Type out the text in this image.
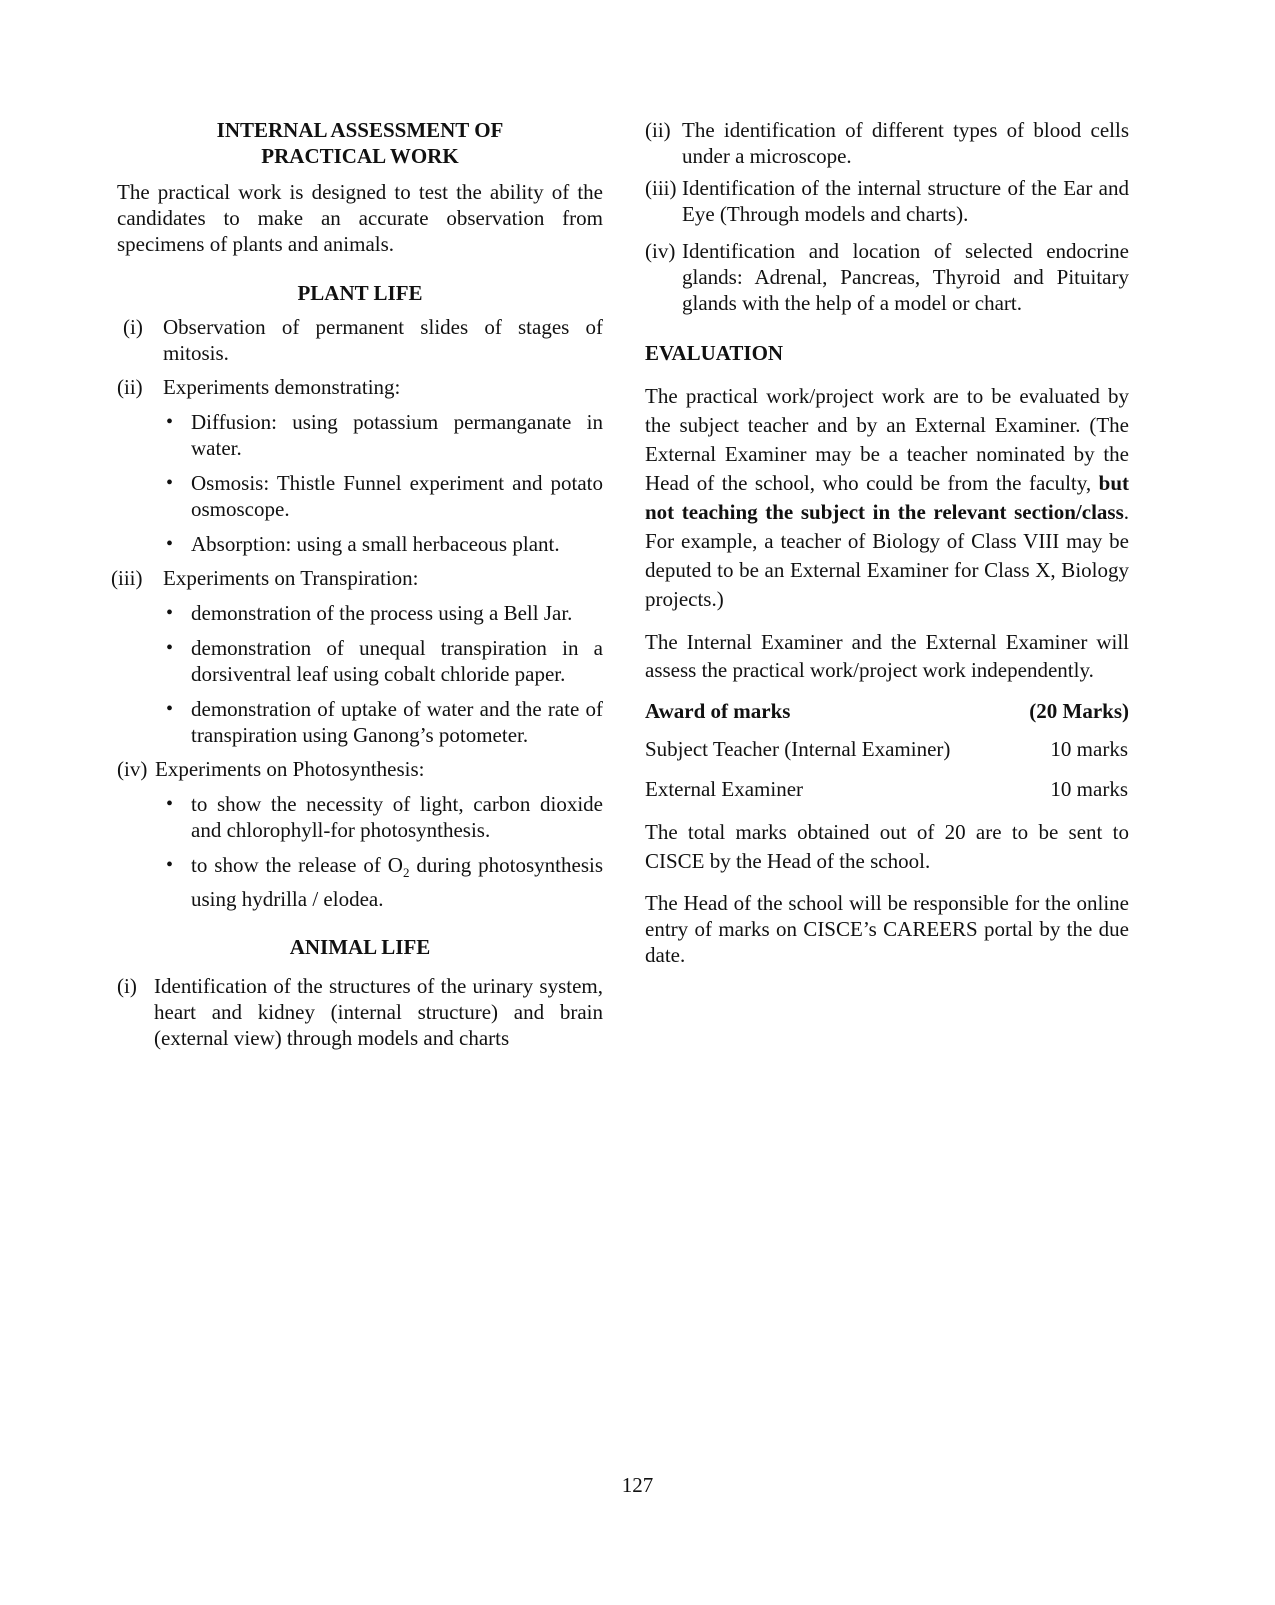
INTERNAL ASSESSMENT OF
PRACTICAL WORK

The practical work is designed to test the ability of the candidates to make an accurate observation from specimens of plants and animals.

PLANT LIFE

(i) Observation of permanent slides of stages of mitosis.
(ii) Experiments demonstrating:
• Diffusion: using potassium permanganate in water.
• Osmosis: Thistle Funnel experiment and potato osmoscope.
• Absorption: using a small herbaceous plant.
(iii) Experiments on Transpiration:
• demonstration of the process using a Bell Jar.
• demonstration of unequal transpiration in a dorsiventral leaf using cobalt chloride paper.
• demonstration of uptake of water and the rate of transpiration using Ganong’s potometer.
(iv) Experiments on Photosynthesis:
• to show the necessity of light, carbon dioxide and chlorophyll-for photosynthesis.
• to show the release of $O_2$ during photosynthesis using hydrilla / elodea.

ANIMAL LIFE

(i) Identification of the structures of the urinary system, heart and kidney (internal structure) and brain (external view) through models and charts
(ii) The identification of different types of blood cells under a microscope.
(iii) Identification of the internal structure of the Ear and Eye (Through models and charts).
(iv) Identification and location of selected endocrine glands: Adrenal, Pancreas, Thyroid and Pituitary glands with the help of a model or chart.

EVALUATION

The practical work/project work are to be evaluated by the subject teacher and by an External Examiner. (The External Examiner may be a teacher nominated by the Head of the school, who could be from the faculty, but not teaching the subject in the relevant section/class. For example, a teacher of Biology of Class VIII may be deputed to be an External Examiner for Class X, Biology projects.)

The Internal Examiner and the External Examiner will assess the practical work/project work independently.

Award of marks	(20 Marks)
Subject Teacher (Internal Examiner)	10 marks
External Examiner	10 marks

The total marks obtained out of 20 are to be sent to CISCE by the Head of the school.

The Head of the school will be responsible for the online entry of marks on CISCE’s CAREERS portal by the due date.

127
